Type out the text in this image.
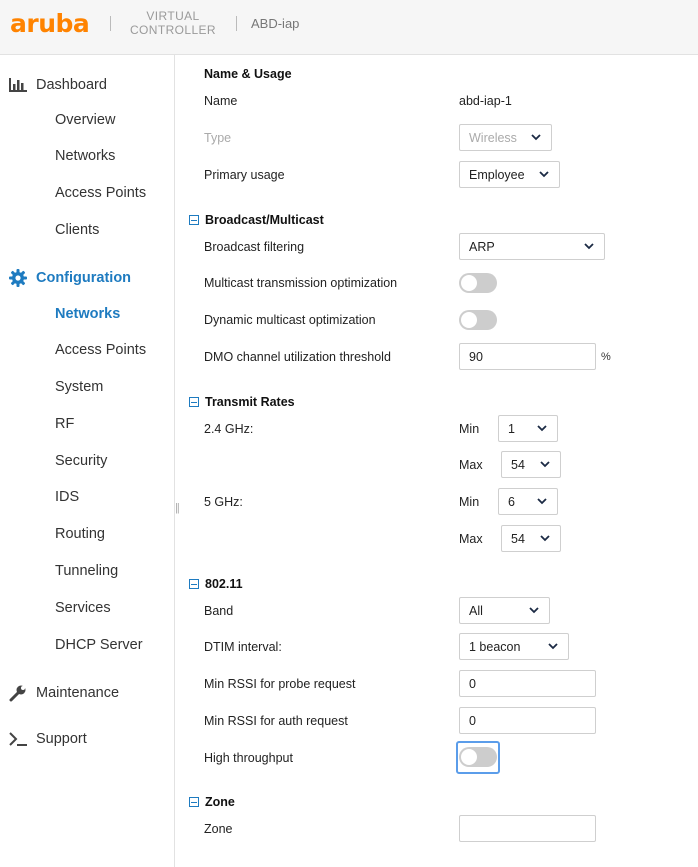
aruba	VIRTUAL
CONTROLLER	ABD-iap
Dashboard
Overview
Networks
Access Points
Clients
Configuration
Networks
Access Points
System
RF
Security
IDS
Routing
Tunneling
Services
DHCP Server
Maintenance
Support
||
Name & Usage
Name	abd-iap-1
Type	Wireless
Primary usage	Employee
Broadcast/Multicast
Broadcast filtering	ARP
Multicast transmission optimization
Dynamic multicast optimization
DMO channel utilization threshold	90	%
Transmit Rates
2.4 GHz:	Min 1
Max 54
5 GHz:	Min 6
Max 54
802.11
Band	All
DTIM interval:	1 beacon
Min RSSI for probe request	0
Min RSSI for auth request	0
High throughput
Zone
Zone
